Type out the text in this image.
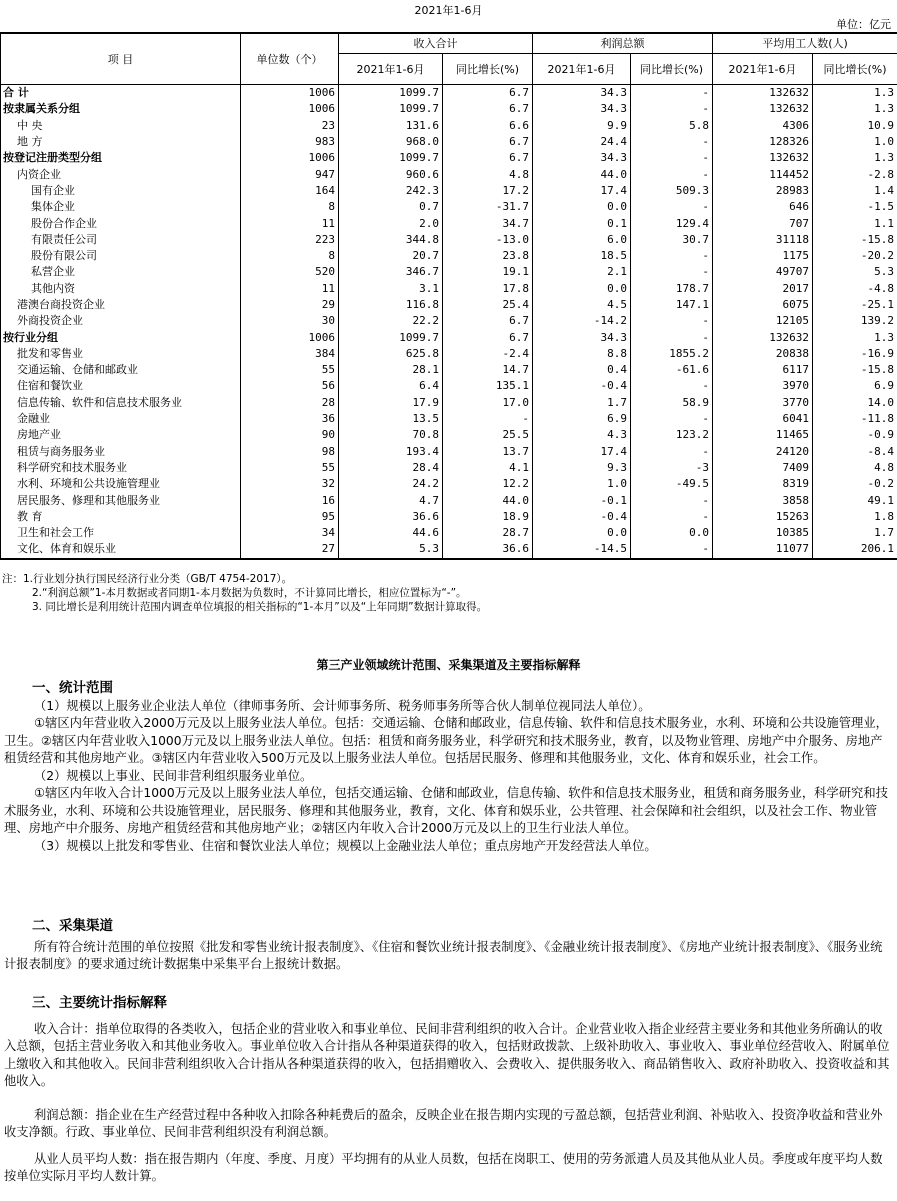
2021年1-6月
单位：亿元
项 目	单位数（个）	收入合计		利润总额		平均用工人数(人)	
		2021年1-6月	同比增长(%)	2021年1-6月	同比增长(%)	2021年1-6月	同比增长(%)
合 计	1006	1099.7	6.7	34.3	-	132632	1.3
按隶属关系分组	1006	1099.7	6.7	34.3	-	132632	1.3
中 央	23	131.6	6.6	9.9	5.8	4306	10.9
地 方	983	968.0	6.7	24.4	-	128326	1.0
按登记注册类型分组	1006	1099.7	6.7	34.3	-	132632	1.3
内资企业	947	960.6	4.8	44.0	-	114452	-2.8
国有企业	164	242.3	17.2	17.4	509.3	28983	1.4
集体企业	8	0.7	-31.7	0.0	-	646	-1.5
股份合作企业	11	2.0	34.7	0.1	129.4	707	1.1
有限责任公司	223	344.8	-13.0	6.0	30.7	31118	-15.8
股份有限公司	8	20.7	23.8	18.5	-	1175	-20.2
私营企业	520	346.7	19.1	2.1	-	49707	5.3
其他内资	11	3.1	17.8	0.0	178.7	2017	-4.8
港澳台商投资企业	29	116.8	25.4	4.5	147.1	6075	-25.1
外商投资企业	30	22.2	6.7	-14.2	-	12105	139.2
按行业分组	1006	1099.7	6.7	34.3	-	132632	1.3
批发和零售业	384	625.8	-2.4	8.8	1855.2	20838	-16.9
交通运输、仓储和邮政业	55	28.1	14.7	0.4	-61.6	6117	-15.8
住宿和餐饮业	56	6.4	135.1	-0.4	-	3970	6.9
信息传输、软件和信息技术服务业	28	17.9	17.0	1.7	58.9	3770	14.0
金融业	36	13.5	-	6.9	-	6041	-11.8
房地产业	90	70.8	25.5	4.3	123.2	11465	-0.9
租赁与商务服务业	98	193.4	13.7	17.4	-	24120	-8.4
科学研究和技术服务业	55	28.4	4.1	9.3	-3	7409	4.8
水利、环境和公共设施管理业	32	24.2	12.2	1.0	-49.5	8319	-0.2
居民服务、修理和其他服务业	16	4.7	44.0	-0.1	-	3858	49.1
教 育	95	36.6	18.9	-0.4	-	15263	1.8
卫生和社会工作	34	44.6	28.7	0.0	0.0	10385	1.7
文化、体育和娱乐业	27	5.3	36.6	-14.5	-	11077	206.1
注：1.行业划分执行国民经济行业分类（GB/T 4754-2017）。
2.“利润总额”1-本月数据或者同期1-本月数据为负数时，不计算同比增长，相应位置标为“-”。
3. 同比增长是利用统计范围内调查单位填报的相关指标的“1-本月”以及“上年同期”数据计算取得。
第三产业领域统计范围、采集渠道及主要指标解释

一、统计范围

（1）规模以上服务业企业法人单位（律师事务所、会计师事务所、税务师事务所等合伙人制单位视同法人单位）。

①辖区内年营业收入2000万元及以上服务业法人单位。包括：交通运输、仓储和邮政业，信息传输、软件和信息技术服务业，水利、环境和公共设施管理业，卫生。②辖区内年营业收入1000万元及以上服务业法人单位。包括：租赁和商务服务业，科学研究和技术服务业，教育，以及物业管理、房地产中介服务、房地产租赁经营和其他房地产业。③辖区内年营业收入500万元及以上服务业法人单位。包括居民服务、修理和其他服务业，文化、体育和娱乐业，社会工作。

（2）规模以上事业、民间非营利组织服务业单位。

①辖区内年收入合计1000万元及以上服务业法人单位，包括交通运输、仓储和邮政业，信息传输、软件和信息技术服务业，租赁和商务服务业，科学研究和技术服务业，水利、环境和公共设施管理业，居民服务、修理和其他服务业，教育，文化、体育和娱乐业，公共管理、社会保障和社会组织，以及社会工作、物业管理、房地产中介服务、房地产租赁经营和其他房地产业；②辖区内年收入合计2000万元及以上的卫生行业法人单位。

（3）规模以上批发和零售业、住宿和餐饮业法人单位；规模以上金融业法人单位；重点房地产开发经营法人单位。

二、采集渠道

所有符合统计范围的单位按照《批发和零售业统计报表制度》、《住宿和餐饮业统计报表制度》、《金融业统计报表制度》、《房地产业统计报表制度》、《服务业统计报表制度》的要求通过统计数据集中采集平台上报统计数据。

三、主要统计指标解释

收入合计：指单位取得的各类收入，包括企业的营业收入和事业单位、民间非营利组织的收入合计。企业营业收入指企业经营主要业务和其他业务所确认的收入总额，包括主营业务收入和其他业务收入。事业单位收入合计指从各种渠道获得的收入，包括财政拨款、上级补助收入、事业收入、事业单位经营收入、附属单位上缴收入和其他收入。民间非营利组织收入合计指从各种渠道获得的收入，包括捐赠收入、会费收入、提供服务收入、商品销售收入、政府补助收入、投资收益和其他收入。

利润总额：指企业在生产经营过程中各种收入扣除各种耗费后的盈余，反映企业在报告期内实现的亏盈总额，包括营业利润、补贴收入、投资净收益和营业外收支净额。行政、事业单位、民间非营利组织没有利润总额。

从业人员平均人数：指在报告期内（年度、季度、月度）平均拥有的从业人员数，包括在岗职工、使用的劳务派遣人员及其他从业人员。季度或年度平均人数按单位实际月平均人数计算。
